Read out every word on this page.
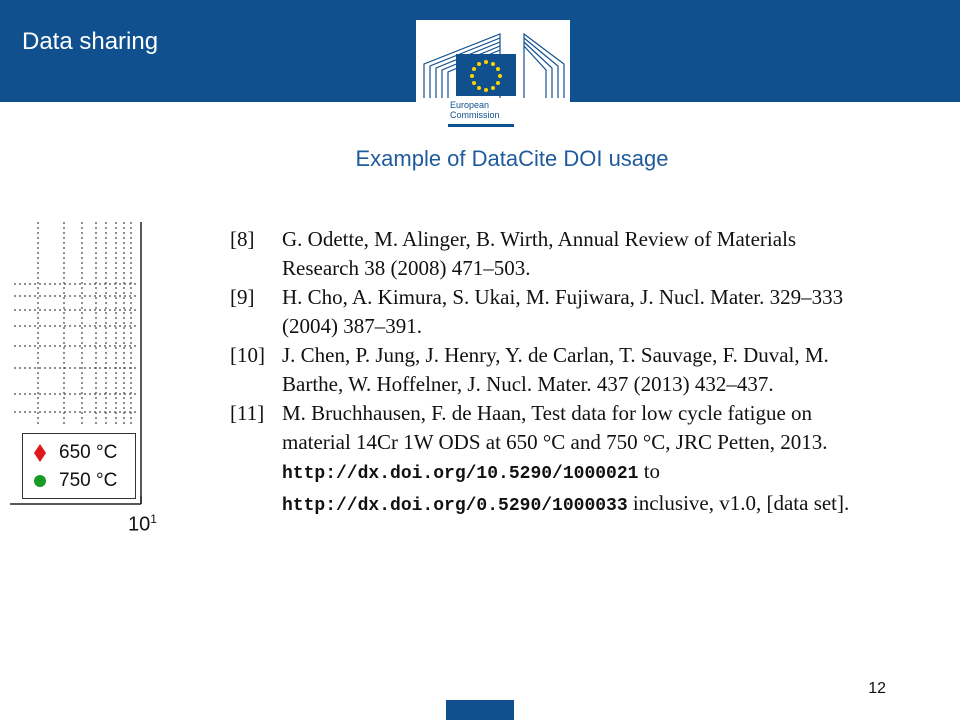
Data sharing
European
Commission
Example of DataCite DOI usage
650 °C
750 °C
$10^1$
[8]	G. Odette, M. Alinger, B. Wirth, Annual Review of Materials Research 38 (2008) 471–503.
[9]	H. Cho, A. Kimura, S. Ukai, M. Fujiwara, J. Nucl. Mater. 329–333 (2004) 387–391.
[10] J. Chen, P. Jung, J. Henry, Y. de Carlan, T. Sauvage, F. Duval, M. Barthe, W. Hoffelner, J. Nucl. Mater. 437 (2013) 432–437.
[11] M. Bruchhausen, F. de Haan, Test data for low cycle fatigue on material 14Cr 1W ODS at 650 °C and 750 °C, JRC Petten, 2013. http://dx.doi.org/10.5290/1000021 to http://dx.doi.org/0.5290/1000033 inclusive, v1.0, [data set].
12
